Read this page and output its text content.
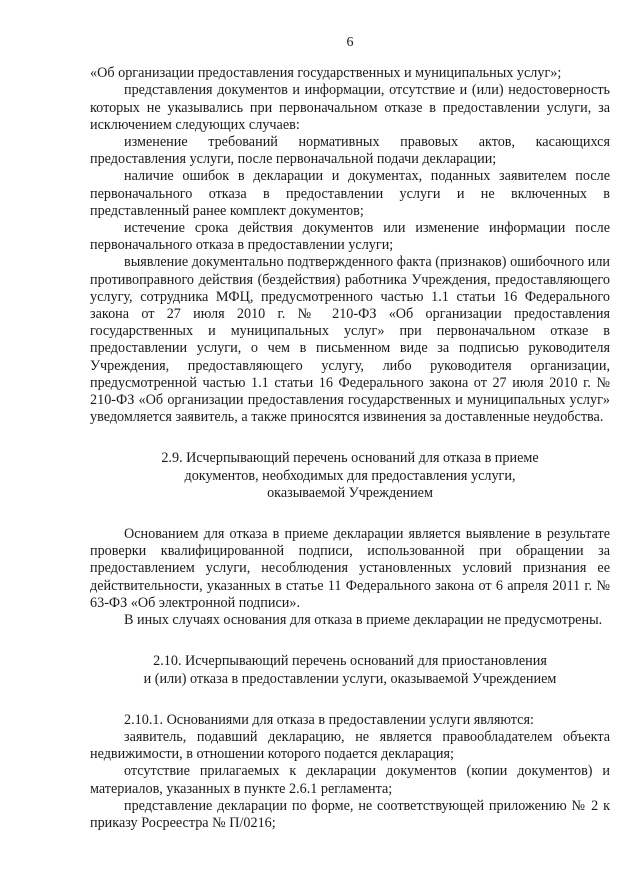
6

«Об организации предоставления государственных и муниципальных услуг»;

представления документов и информации, отсутствие и (или) недостоверность которых не указывались при первоначальном отказе в предоставлении услуги, за исключением следующих случаев:

изменение требований нормативных правовых актов, касающихся предоставления услуги, после первоначальной подачи декларации;

наличие ошибок в декларации и документах, поданных заявителем после первоначального отказа в предоставлении услуги и не включенных в представленный ранее комплект документов;

истечение срока действия документов или изменение информации после первоначального отказа в предоставлении услуги;

выявление документально подтвержденного факта (признаков) ошибочного или противоправного действия (бездействия) работника Учреждения, предоставляющего услугу, сотрудника МФЦ, предусмотренного частью 1.1 статьи 16 Федерального закона от 27 июля 2010 г. № 210-ФЗ «Об организации предоставления государственных и муниципальных услуг» при первоначальном отказе в предоставлении услуги, о чем в письменном виде за подписью руководителя Учреждения, предоставляющего услугу, либо руководителя организации, предусмотренной частью 1.1 статьи 16 Федерального закона от 27 июля 2010 г. № 210-ФЗ «Об организации предоставления государственных и муниципальных услуг» уведомляется заявитель, а также приносятся извинения за доставленные неудобства.

2.9. Исчерпывающий перечень оснований для отказа в приеме

документов, необходимых для предоставления услуги,

оказываемой Учреждением

Основанием для отказа в приеме декларации является выявление в результате проверки квалифицированной подписи, использованной при обращении за предоставлением услуги, несоблюдения установленных условий признания ее действительности, указанных в статье 11 Федерального закона от 6 апреля 2011 г. № 63-ФЗ «Об электронной подписи».

В иных случаях основания для отказа в приеме декларации не предусмотрены.

2.10. Исчерпывающий перечень оснований для приостановления

и (или) отказа в предоставлении услуги, оказываемой Учреждением

2.10.1. Основаниями для отказа в предоставлении услуги являются:

заявитель, подавший декларацию, не является правообладателем объекта недвижимости, в отношении которого подается декларация;

отсутствие прилагаемых к декларации документов (копии документов) и материалов, указанных в пункте 2.6.1 регламента;

представление декларации по форме, не соответствующей приложению № 2 к приказу Росреестра № П/0216;
